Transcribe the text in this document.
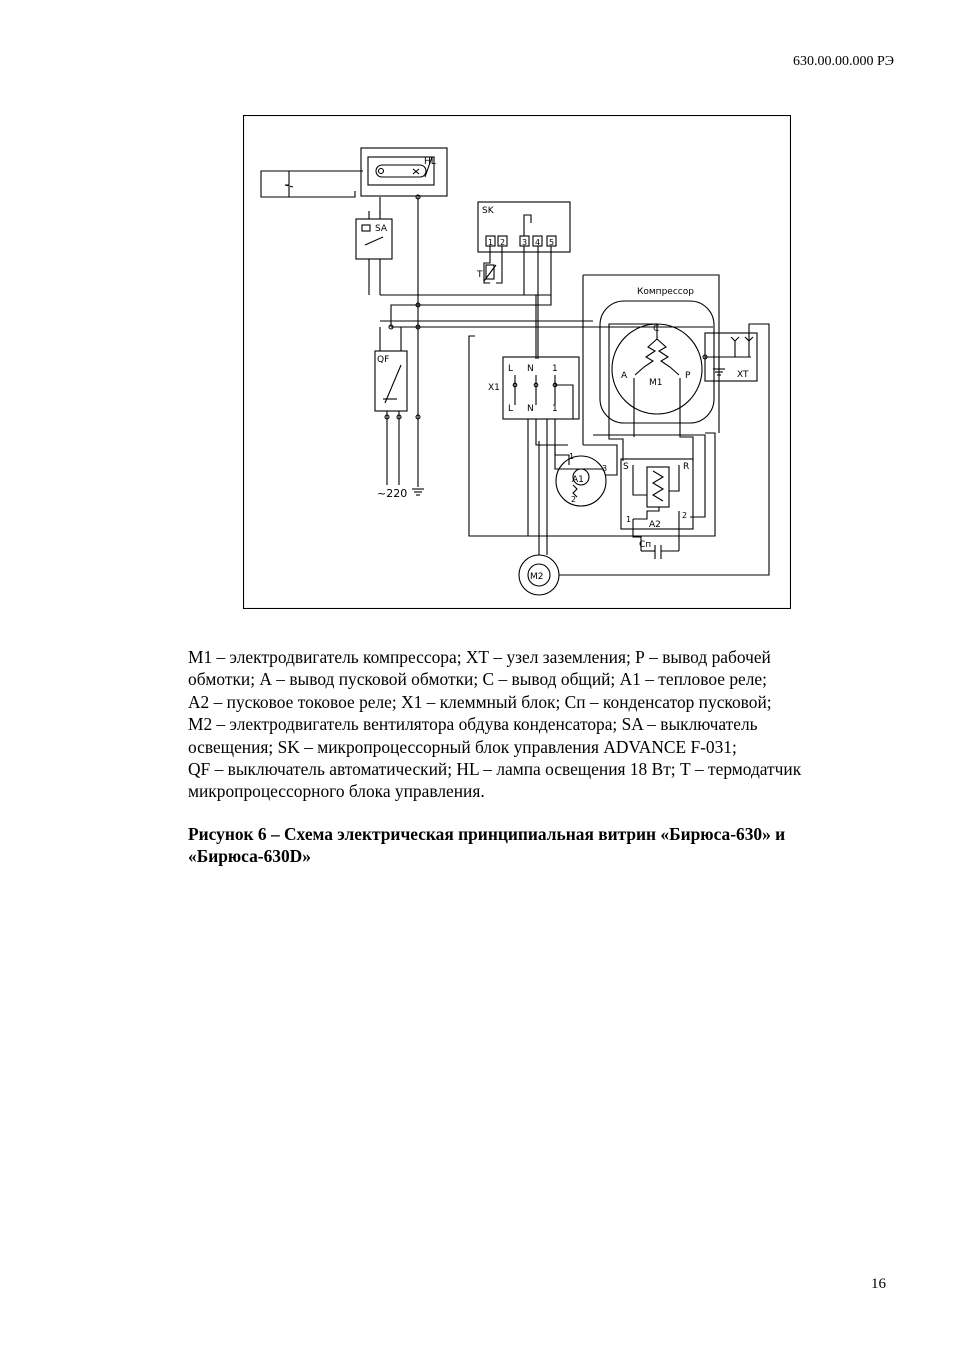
630.00.00.000 РЭ
HL
SA
SK
1 2 3 4 5
T
QF
~220
X1
L N 1
L N 1
A1
1
2
3
Компрессор
C
A	P
M1
XT
S	R
A2
1	2
Cп
M2
М1 – электродвигатель компрессора; ХТ – узел заземления; Р – вывод рабочей
обмотки; А – вывод пусковой обмотки; С – вывод общий; А1 – тепловое реле;
А2 – пусковое токовое реле; Х1 – клеммный блок; Сп – конденсатор пусковой;
М2 – электродвигатель вентилятора обдува конденсатора; SA – выключатель
освещения; SK – микропроцессорный блок управления ADVANCE F-031;
QF – выключатель автоматический; HL – лампа освещения 18 Вт; Т – термодатчик
микропроцессорного блока управления.
Рисунок 6 – Схема электрическая принципиальная витрин «Бирюса-630» и
«Бирюса-630D»
16
